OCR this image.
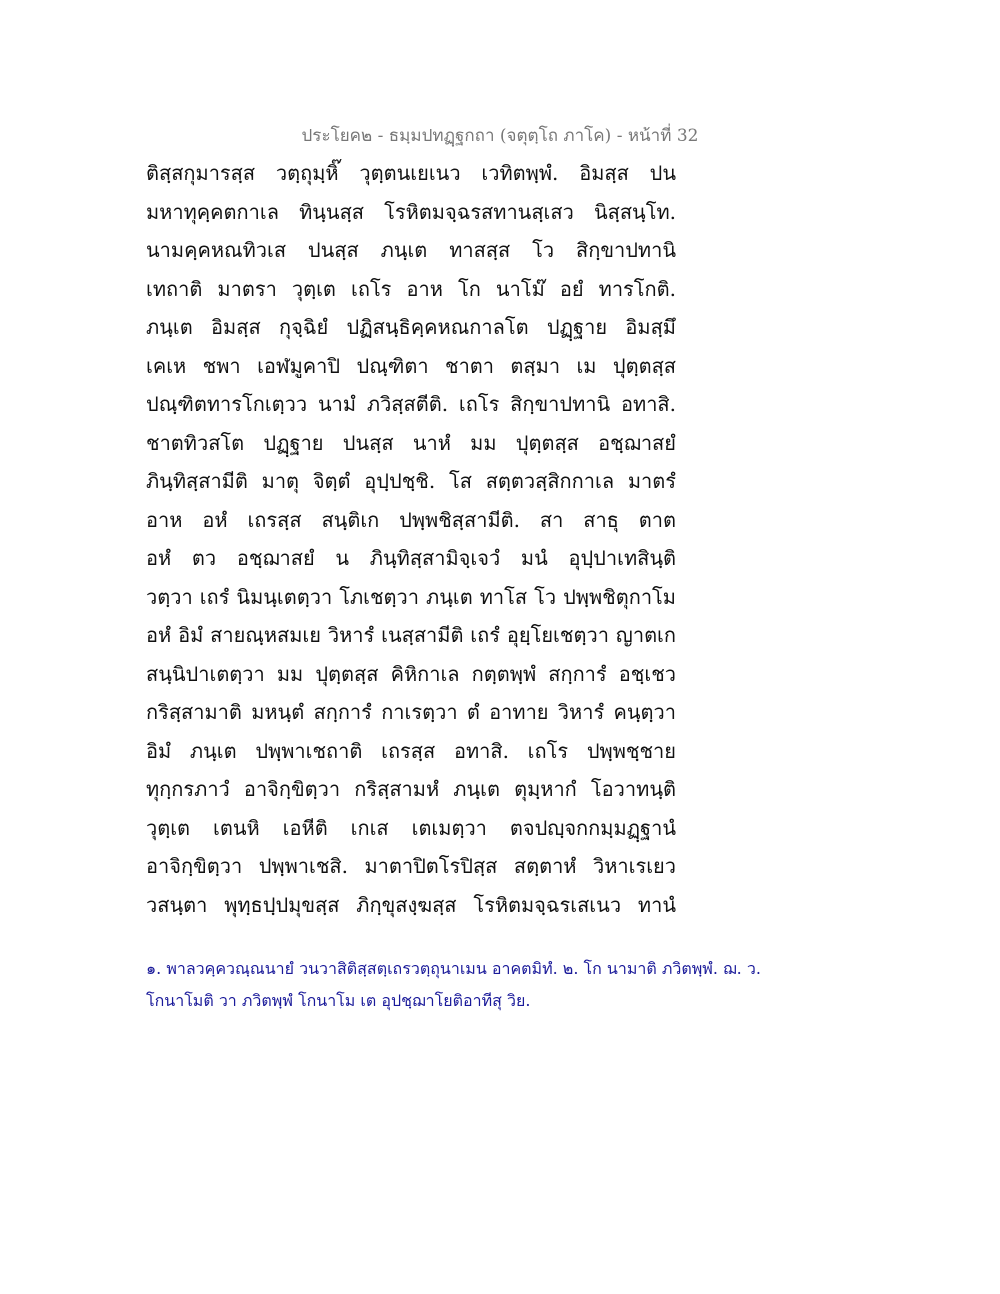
ประโยค๒ - ธมฺมปทฏฺฐกถา (จตุตฺโถ ภาโค) - หน้าที่ 32
ติสฺสกุมารสฺส วตฺถุมฺหิ๊ วุตฺตนเยเนว เวทิตพฺพํ. อิมสฺส ปน
มหาทุคฺคตกาเล ทินฺนสฺส โรหิตมจฺฉรสทานสฺเสว นิสฺสนฺโท.
นามคฺคหณทิวเส ปนสฺส ภนฺเต ทาสสฺส โว สิกฺขาปทานิ
เทถาติ มาตรา วุตฺเต เถโร อาห โก นาโม๊ อยํ ทารโกติ.
ภนฺเต อิมสฺส กุจฺฉิยํ ปฏิสนฺธิคฺคหณกาลโต ปฏฺฐาย อิมสฺมึ
เคเห ชพา เอฬมูคาปิ ปณฺฑิตา ชาตา ตสฺมา เม ปุตฺตสฺส
ปณฺฑิตทารโกเตฺวว นามํ ภวิสฺสตีติ. เถโร สิกฺขาปทานิ อทาสิ.
ชาตทิวสโต ปฏฺฐาย ปนสฺส นาหํ มม ปุตฺตสฺส อชฺฌาสยํ
ภินฺทิสฺสามีติ มาตุ จิตฺตํ อุปฺปชฺชิ. โส สตฺตวสฺสิกกาเล มาตรํ
อาห อหํ เถรสฺส สนฺติเก ปพฺพชิสฺสามีติ. สา สาธุ ตาต
อหํ ตว อชฺฌาสยํ น ภินฺทิสฺสามิจฺเจวํ มนํ อุปฺปาเทสินฺติ
วตฺวา เถรํ นิมนฺเตตฺวา โภเชตฺวา ภนฺเต ทาโส โว ปพฺพชิตุกาโม
อหํ อิมํ สายณฺหสมเย วิหารํ เนสฺสามีติ เถรํ อุยฺโยเชตฺวา ญาตเก
สนฺนิปาเตตฺวา มม ปุตฺตสฺส คิหิกาเล กตฺตพฺพํ สกฺการํ อชฺเชว
กริสฺสามาติ มหนฺตํ สกฺการํ กาเรตฺวา ตํ อาทาย วิหารํ คนฺตฺวา
อิมํ ภนฺเต ปพฺพาเชถาติ เถรสฺส อทาสิ. เถโร ปพฺพชฺชาย
ทุกฺกรภาวํ อาจิกฺขิตฺวา กริสฺสามหํ ภนฺเต ตุมฺหากํ โอวาทนฺติ
วุตฺเต เตนหิ เอหีติ เกเส เตเมตฺวา ตจปญฺจกกมฺมฏฺฐานํ
อาจิกฺขิตฺวา ปพฺพาเชสิ. มาตาปิตโรปิสฺส สตฺตาหํ วิหาเรเยว
วสนฺตา พุทฺธปฺปมุขสฺส ภิกฺขุสงฺฆสฺส โรหิตมจฺฉรเสเนว ทานํ
๑. พาลวคฺควณฺณนายํ วนวาสิติสฺสตฺเถรวตฺถุนาเมน อาคตมิทํ. ๒. โก นามาติ ภวิตพฺพํ. ฌ. ว.
โกนาโมติ วา ภวิตพฺพํ โกนาโม เต อุปชฺฌาโยติอาทีสุ วิย.
